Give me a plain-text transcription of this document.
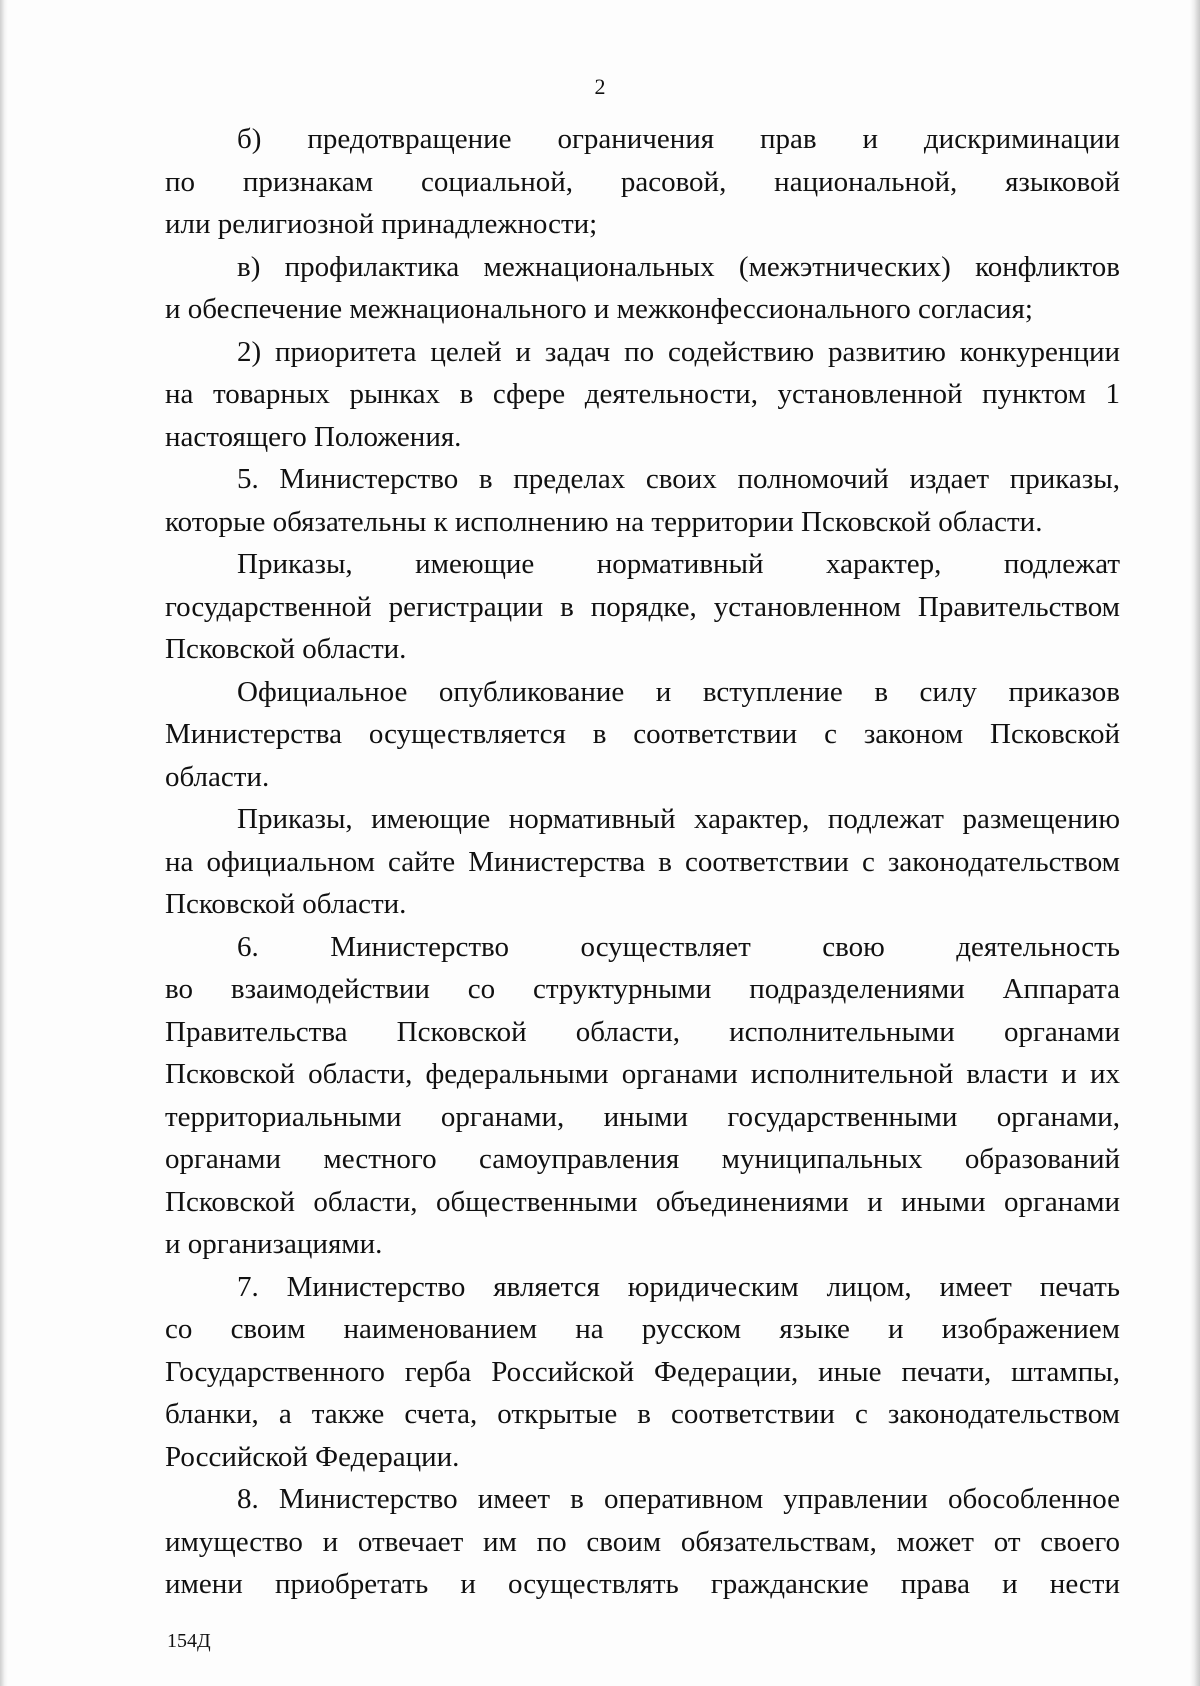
2

б) предотвращение ограничения прав и дискриминации
по признакам социальной, расовой, национальной, языковой
или религиозной принадлежности;

в) профилактика межнациональных (межэтнических) конфликтов
и обеспечение межнационального и межконфессионального согласия;

2) приоритета целей и задач по содействию развитию конкуренции
на товарных рынках в сфере деятельности, установленной пунктом 1
настоящего Положения.

5. Министерство в пределах своих полномочий издает приказы,
которые обязательны к исполнению на территории Псковской области.

Приказы, имеющие нормативный характер, подлежат
государственной регистрации в порядке, установленном Правительством
Псковской области.

Официальное опубликование и вступление в силу приказов
Министерства осуществляется в соответствии с законом Псковской
области.

Приказы, имеющие нормативный характер, подлежат размещению
на официальном сайте Министерства в соответствии с законодательством
Псковской области.

6. Министерство осуществляет свою деятельность
во взаимодействии со структурными подразделениями Аппарата
Правительства Псковской области, исполнительными органами
Псковской области, федеральными органами исполнительной власти и их
территориальными органами, иными государственными органами,
органами местного самоуправления муниципальных образований
Псковской области, общественными объединениями и иными органами
и организациями.

7. Министерство является юридическим лицом, имеет печать
со своим наименованием на русском языке и изображением
Государственного герба Российской Федерации, иные печати, штампы,
бланки, а также счета, открытые в соответствии с законодательством
Российской Федерации.

8. Министерство имеет в оперативном управлении обособленное
имущество и отвечает им по своим обязательствам, может от своего
имени приобретать и осуществлять гражданские права и нести

154Д
